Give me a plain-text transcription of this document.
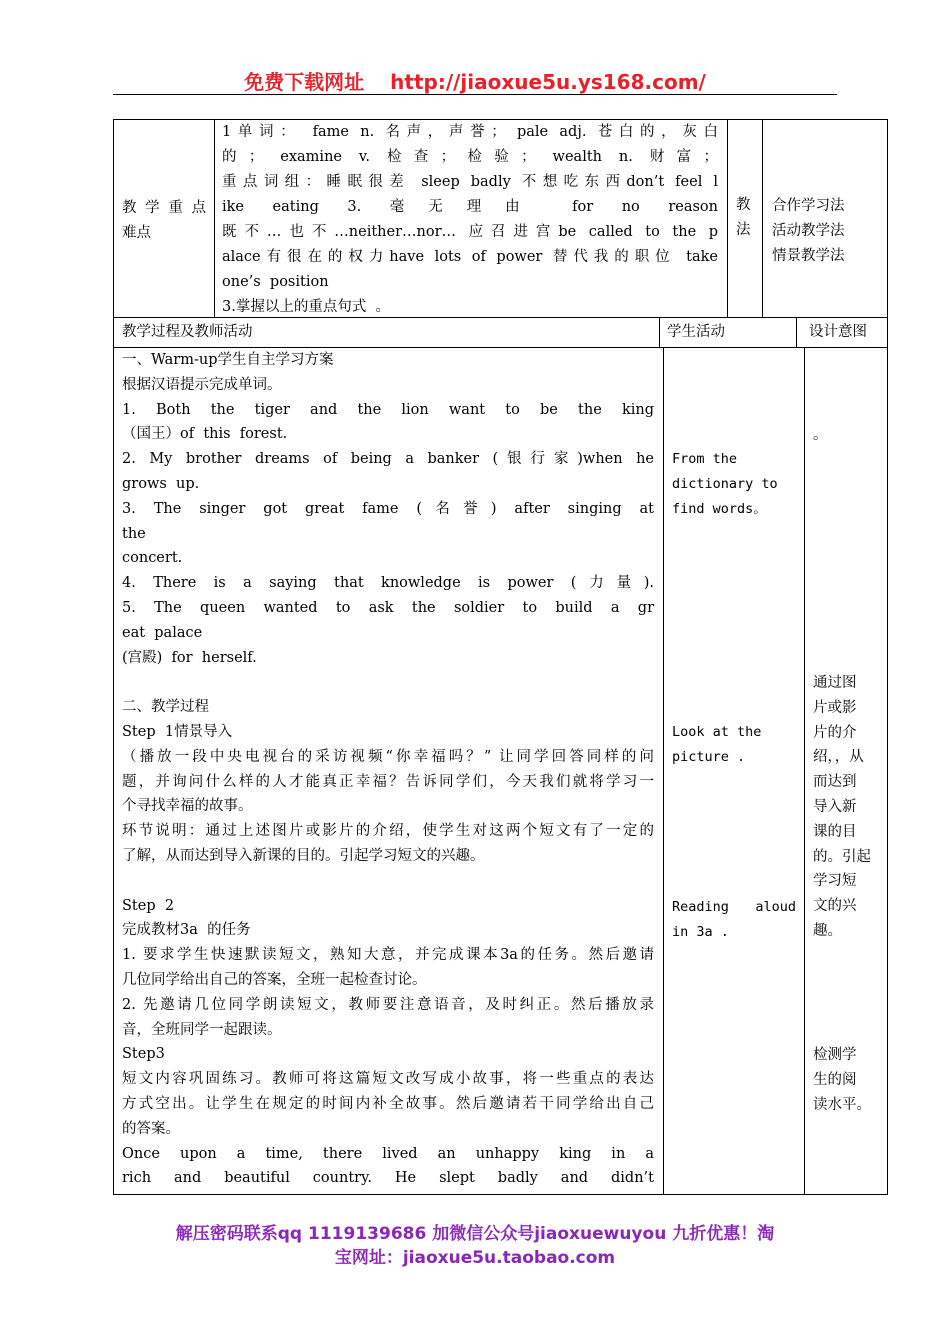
免费下载网址 http://jiaoxue5u.ys168.com/
教 学 重 点
难点
1单词： fame n. 名声，声誉； pale adj. 苍白的，灰白
的； examine v. 检查；检验； wealth n. 财富；
重点词组：睡眠很差 sleep badly 不想吃东西don’t feel l
ike eating 3. 毫无理由 for no reason
既不…也不…neither…nor… 应召进宫be called to the p
alace有很在的权力have lots of power 替代我的职位 take
one’s  position
3.掌握以上的重点句式  。
教
法
合作学习法
活动教学法
情景教学法
教学过程及教师活动	学生活动	设计意图
一、Warm-up学生自主学习方案
根据汉语提示完成单词。
1. Both the tiger and the lion want to be the king
（国王）of  this  forest.
2. My brother dreams of being a banker (银行家)when he
grows  up.
3. The singer got great fame (名誉) after singing at
the
concert.
4. There is a saying that knowledge is power (力量).
5. The queen wanted to ask the soldier to build a gr
eat  palace
(宫殿)  for  herself.
二、教学过程
Step  1情景导入
（播放一段中央电视台的采访视频“你幸福吗？” 让同学回答同样的问
题，并询问什么样的人才能真正幸福？告诉同学们，今天我们就将学习一
个寻找幸福的故事。
环节说明：通过上述图片或影片的介绍，使学生对这两个短文有了一定的
了解，从而达到导入新课的目的。引起学习短文的兴趣。
Step  2
完成教材3a  的任务
1. 要求学生快速默读短文，熟知大意，并完成课本3a的任务。然后邀请
几位同学给出自己的答案，全班一起检查讨论。
2. 先邀请几位同学朗读短文，教师要注意语音，及时纠正。然后播放录
音，全班同学一起跟读。
Step3
短文内容巩固练习。教师可将这篇短文改写成小故事，将一些重点的表达
方式空出。让学生在规定的时间内补全故事。然后邀请若干同学给出自己
的答案。
Once upon a time, there lived an unhappy king in a
rich and beautiful country. He slept badly and didn’t
From the
dictionary to
find words。
Look at the
picture .
Reading aloud
in 3a .
。
通过图
片或影
片的介
绍，，从
而达到
导入新
课的目
的。引起
学习短
文的兴
趣。
检测学
生的阅
读水平。
解压密码联系qq 1119139686 加微信公众号jiaoxuewuyou 九折优惠！淘
宝网址：jiaoxue5u.taobao.com
